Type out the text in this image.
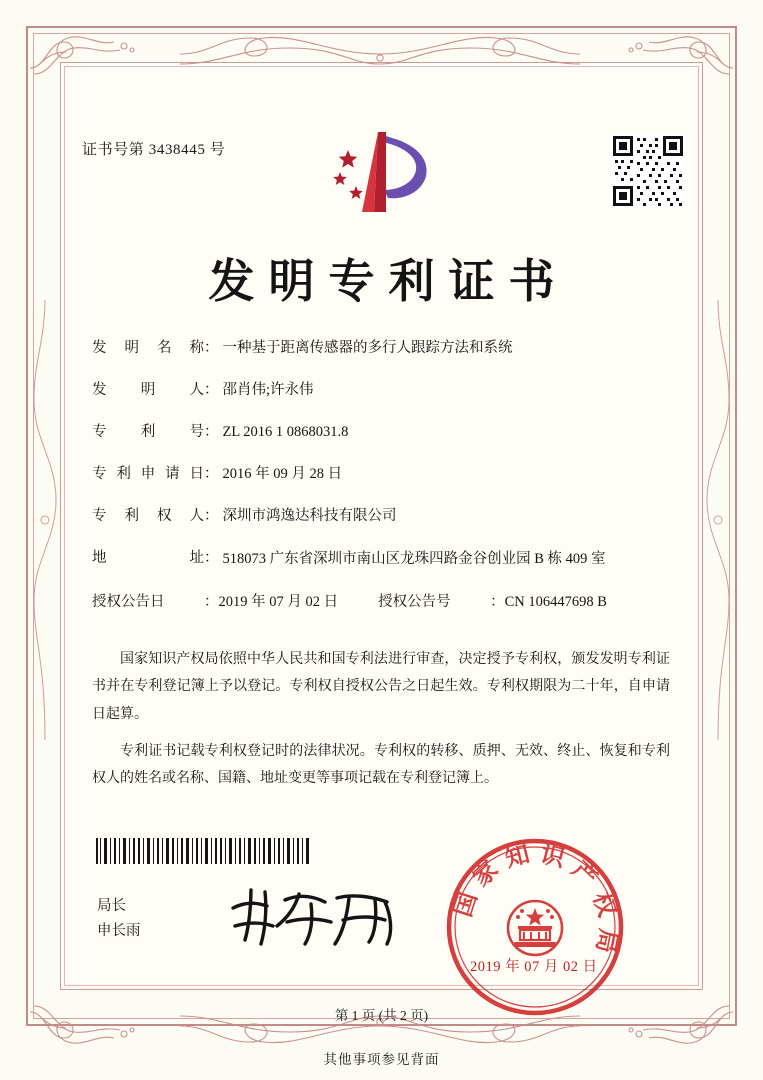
证书号第 3438445 号
发明专利证书
发 明 名 称 ： 一种基于距离传感器的多行人跟踪方法和系统
发 明 人 ： 邵肖伟;许永伟
专 利 号 ： ZL 2016 1 0868031.8
专 利 申 请 日 ： 2016 年 09 月 28 日
专 利 权 人 ： 深圳市鸿逸达科技有限公司
地	址 ： 518073 广东省深圳市南山区龙珠四路金谷创业园 B 栋 409 室
授权公告日	： 2019 年 07 月 02 日	授权公告号	： CN 106447698 B

国家知识产权局依照中华人民共和国专利法进行审查，决定授予专利权，颁发发明专利证书并在专利登记簿上予以登记。专利权自授权公告之日起生效。专利权期限为二十年，自申请日起算。

专利证书记载专利权登记时的法律状况。专利权的转移、质押、无效、终止、恢复和专利权人的姓名或名称、国籍、地址变更等事项记载在专利登记簿上。

局长
申长雨
国
家
知 识
产
权
局
2019 年 07 月 02 日
第 1 页 (共 2 页)
其他事项参见背面
